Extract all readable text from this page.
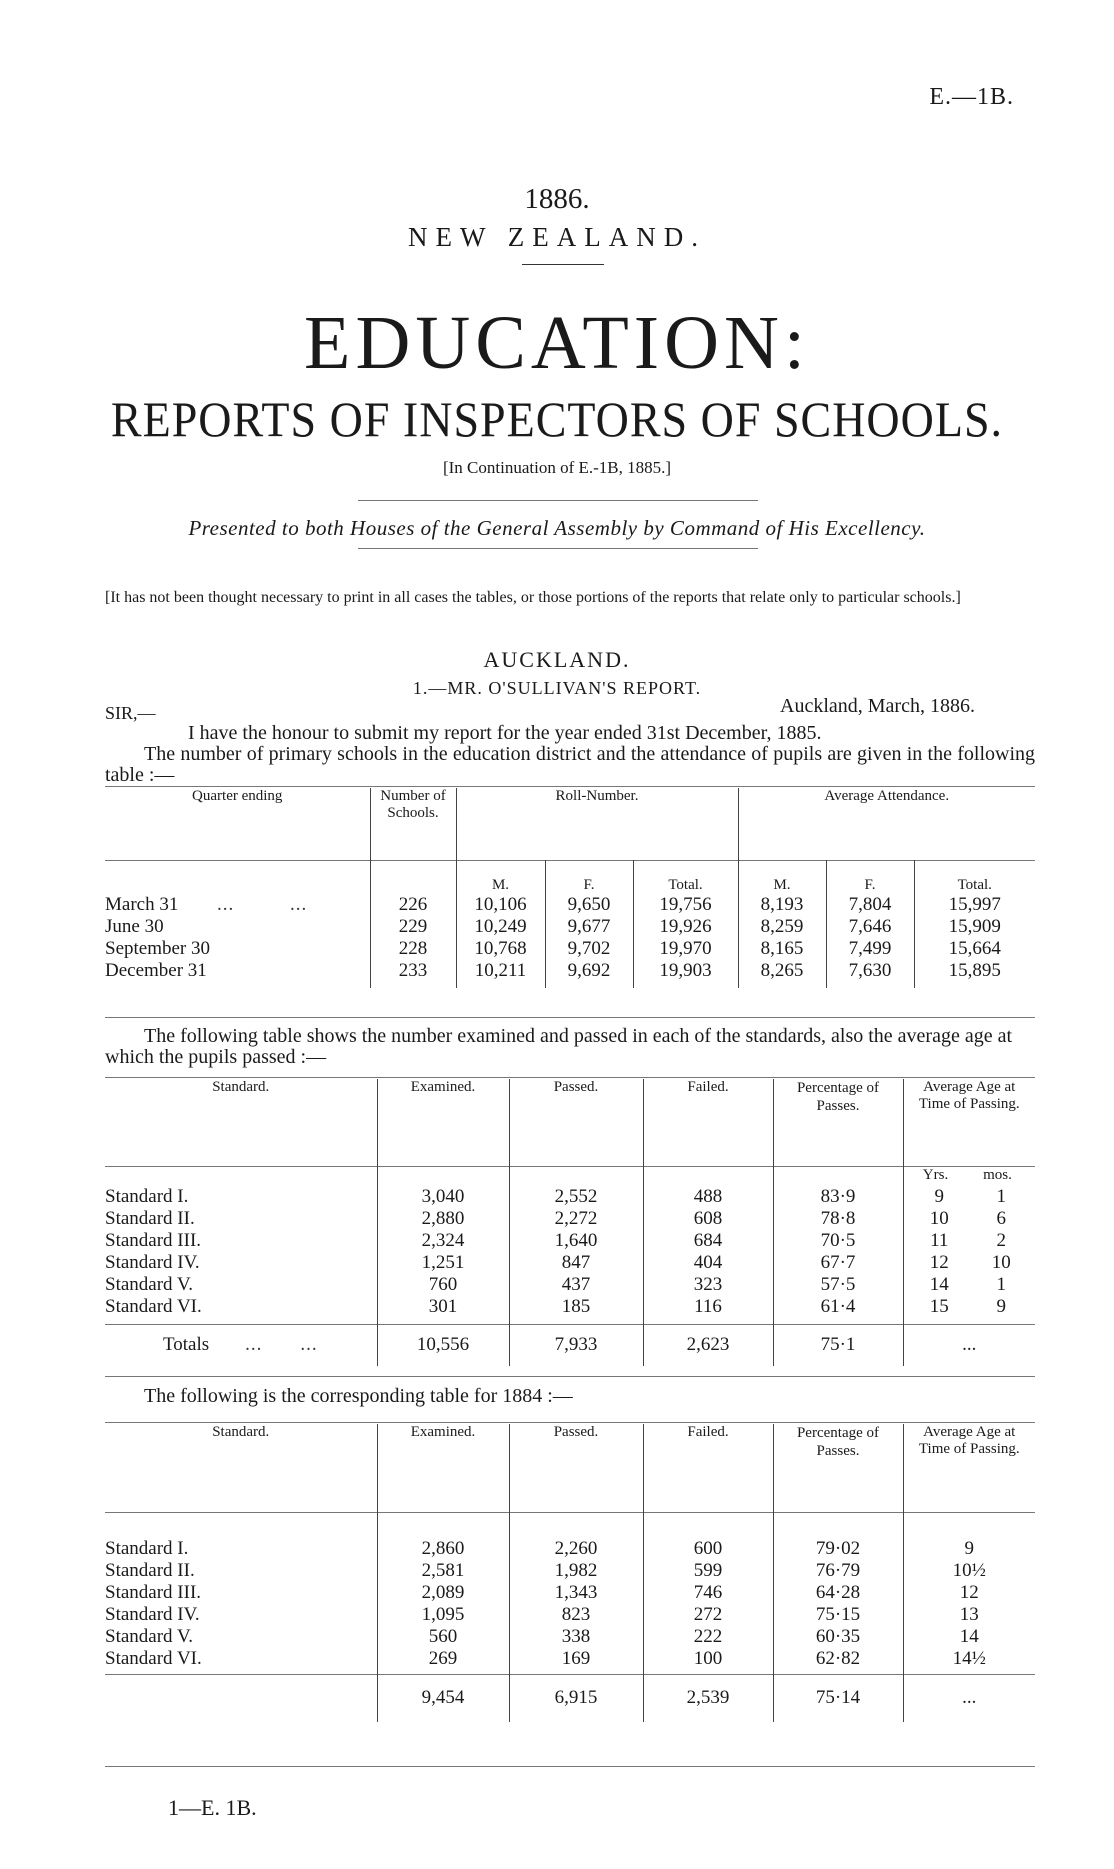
E.—1B.
1886.
NEW ZEALAND.
EDUCATION:
REPORTS OF INSPECTORS OF SCHOOLS.
[In Continuation of E.-1B, 1885.]
Presented to both Houses of the General Assembly by Command of His Excellency.
[It has not been thought necessary to print in all cases the tables, or those portions of the reports that relate only to particular schools.]
AUCKLAND.
1.—MR. O'SULLIVAN'S REPORT.
SIR,—	Auckland, March, 1886.
I have the honour to submit my report for the year ended 31st December, 1885.
The number of primary schools in the education district and the attendance of pupils are given in the following table :—
Quarter ending	Number of Schools.	Roll-Number.			Average Attendance.		
		M.	F.	Total.	M.	F.	Total.
March 31 ... ...	226	10,106	9,650	19,756	8,193	7,804	15,997
June 30	229	10,249	9,677	19,926	8,259	7,646	15,909
September 30	228	10,768	9,702	19,970	8,165	7,499	15,664
December 31	233	10,211	9,692	19,903	8,265	7,630	15,895
The following table shows the number examined and passed in each of the standards, also the average age at which the pupils passed :—
Standard.	Examined.	Passed.	Failed.	Percentage of Passes.	Average Age at Time of Passing.
					Yrs. mos.
Standard I.	3,040	2,552	488	83·9	9 1
Standard II.	2,880	2,272	608	78·8	10 6
Standard III.	2,324	1,640	684	70·5	11 2
Standard IV.	1,251	847	404	67·7	12 10
Standard V.	760	437	323	57·5	14 1
Standard VI.	301	185	116	61·4	15 9
Totals ... ...	10,556	7,933	2,623	75·1	...
The following is the corresponding table for 1884 :—
Standard.	Examined.	Passed.	Failed.	Percentage of Passes.	Average Age at Time of Passing.

Standard I.	2,860	2,260	600	79·02	9
Standard II.	2,581	1,982	599	76·79	10½
Standard III.	2,089	1,343	746	64·28	12
Standard IV.	1,095	823	272	75·15	13
Standard V.	560	338	222	60·35	14
Standard VI.	269	169	100	62·82	14½
	9,454	6,915	2,539	75·14	...
1—E. 1B.
